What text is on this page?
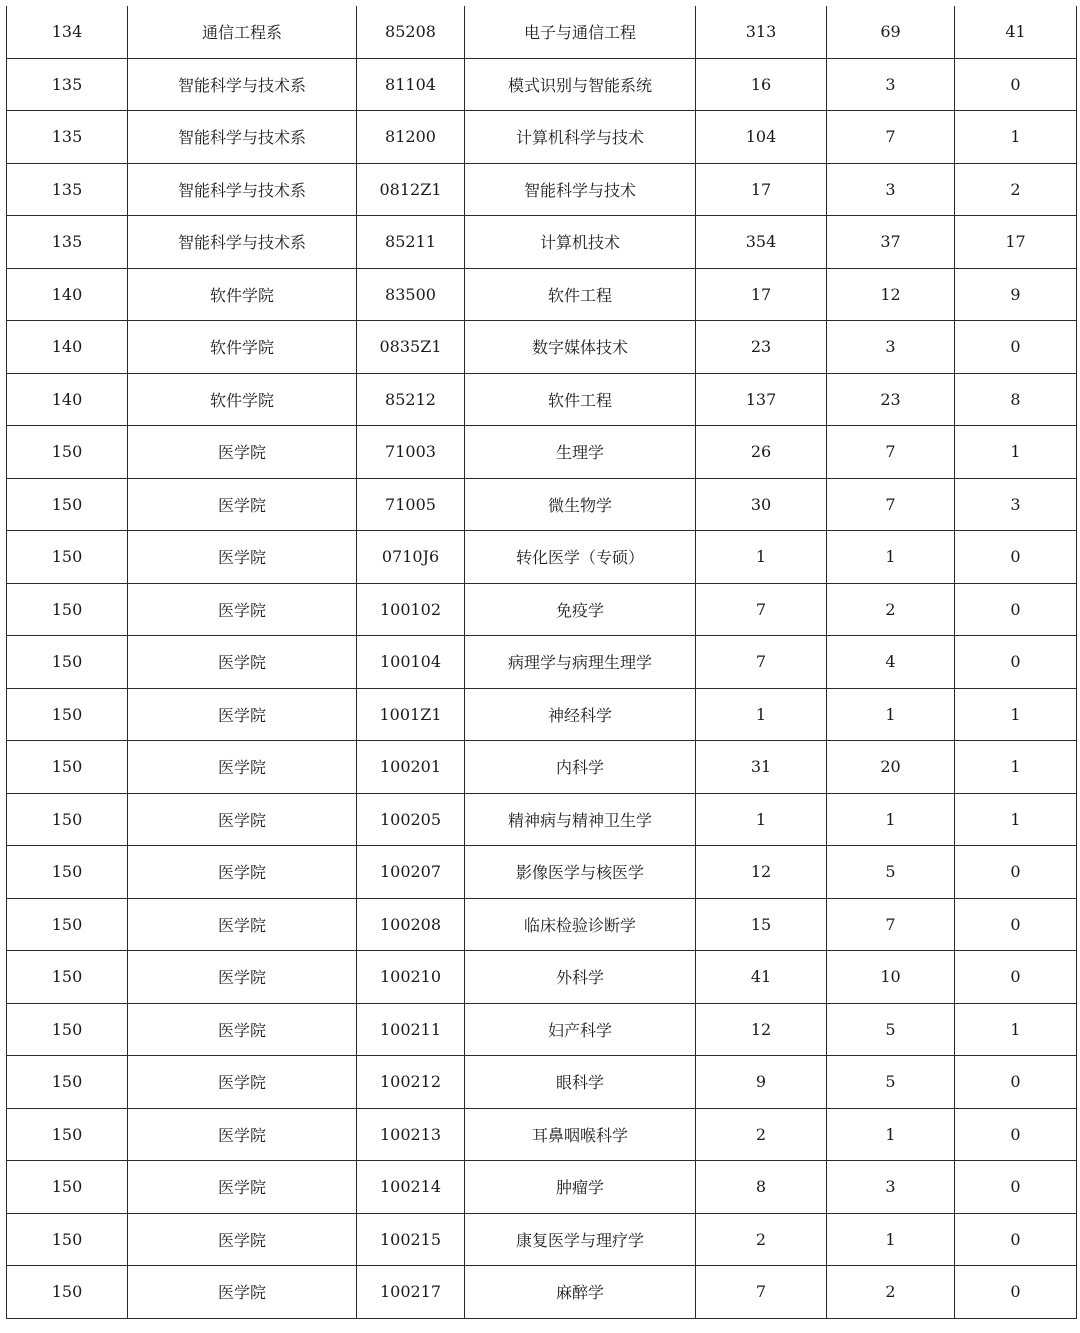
134	通信工程系	85208	电子与通信工程	313	69	41
135	智能科学与技术系	81104	模式识别与智能系统	16	3	0
135	智能科学与技术系	81200	计算机科学与技术	104	7	1
135	智能科学与技术系	0812Z1	智能科学与技术	17	3	2
135	智能科学与技术系	85211	计算机技术	354	37	17
140	软件学院	83500	软件工程	17	12	9
140	软件学院	0835Z1	数字媒体技术	23	3	0
140	软件学院	85212	软件工程	137	23	8
150	医学院	71003	生理学	26	7	1
150	医学院	71005	微生物学	30	7	3
150	医学院	0710J6	转化医学（专硕）	1	1	0
150	医学院	100102	免疫学	7	2	0
150	医学院	100104	病理学与病理生理学	7	4	0
150	医学院	1001Z1	神经科学	1	1	1
150	医学院	100201	内科学	31	20	1
150	医学院	100205	精神病与精神卫生学	1	1	1
150	医学院	100207	影像医学与核医学	12	5	0
150	医学院	100208	临床检验诊断学	15	7	0
150	医学院	100210	外科学	41	10	0
150	医学院	100211	妇产科学	12	5	1
150	医学院	100212	眼科学	9	5	0
150	医学院	100213	耳鼻咽喉科学	2	1	0
150	医学院	100214	肿瘤学	8	3	0
150	医学院	100215	康复医学与理疗学	2	1	0
150	医学院	100217	麻醉学	7	2	0
